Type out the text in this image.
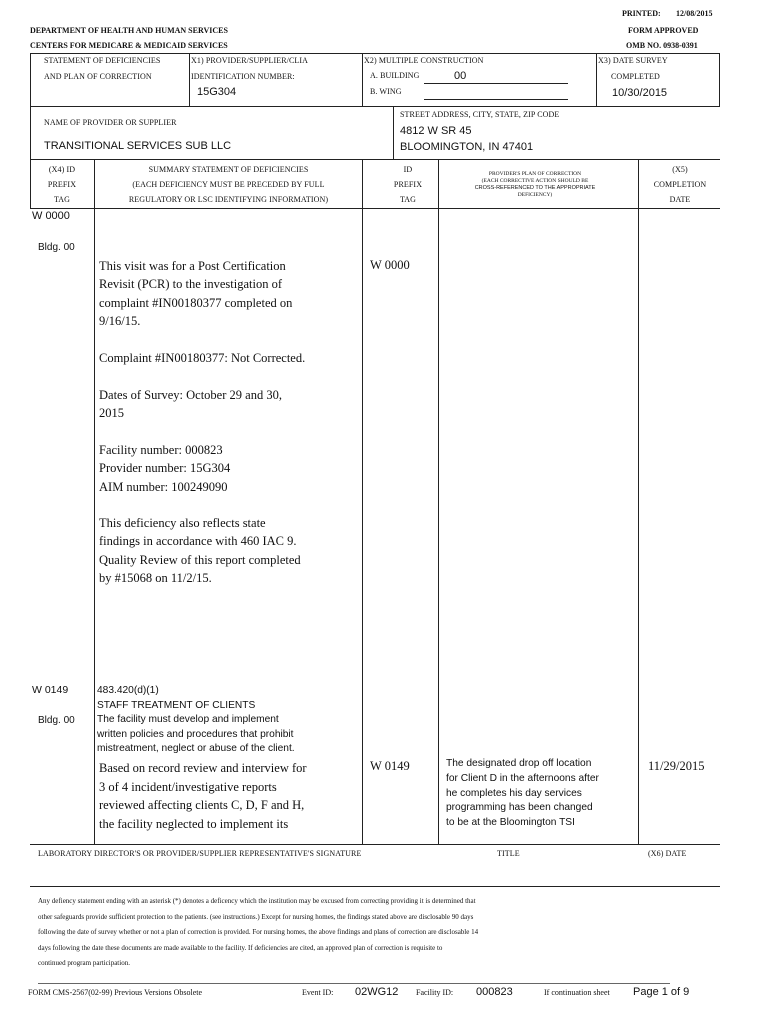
PRINTED: 12/08/2015
DEPARTMENT OF HEALTH AND HUMAN SERVICES	FORM APPROVED
CENTERS FOR MEDICARE & MEDICAID SERVICES	OMB NO. 0938-0391
STATEMENT OF DEFICIENCIES
AND PLAN OF CORRECTION
X1) PROVIDER/SUPPLIER/CLIA
IDENTIFICATION NUMBER:
15G304
X2) MULTIPLE CONSTRUCTION
A. BUILDING	00
B. WING
X3) DATE SURVEY
COMPLETED
10/30/2015
NAME OF PROVIDER OR SUPPLIER
TRANSITIONAL SERVICES SUB LLC
STREET ADDRESS, CITY, STATE, ZIP CODE
4812 W SR 45
BLOOMINGTON, IN 47401
(X4) ID
PREFIX
TAG
SUMMARY STATEMENT OF DEFICIENCIES
(EACH DEFICIENCY MUST BE PRECEDED BY FULL
REGULATORY OR LSC IDENTIFYING INFORMATION)
ID
PREFIX
TAG
PROVIDER'S PLAN OF CORRECTION
(EACH CORRECTIVE ACTION SHOULD BE
CROSS-REFERENCED TO THE APPROPRIATE
DEFICIENCY)
(X5)
COMPLETION
DATE
W 0000
Bldg. 00
This visit was for a Post Certification
Revisit (PCR) to the investigation of
complaint #IN00180377 completed on
9/16/15.
Complaint #IN00180377: Not Corrected.
Dates of Survey: October 29 and 30,
2015
Facility number: 000823
Provider number: 15G304
AIM number: 100249090
This deficiency also reflects state
findings in accordance with 460 IAC 9.
Quality Review of this report completed
by #15068 on 11/2/15.
W 0000
W 0149
Bldg. 00
483.420(d)(1)
STAFF TREATMENT OF CLIENTS
The facility must develop and implement
written policies and procedures that prohibit
mistreatment, neglect or abuse of the client.
Based on record review and interview for
3 of 4 incident/investigative reports
reviewed affecting clients C, D, F and H,
the facility neglected to implement its
W 0149	The designated drop off location
for Client D in the afternoons after
he completes his day services
programming has been changed
to be at the Bloomington TSI
11/29/2015
LABORATORY DIRECTOR'S OR PROVIDER/SUPPLIER REPRESENTATIVE'S SIGNATURE	TITLE	(X6) DATE
Any defiency statement ending with an asterisk (*) denotes a deficency which the institution may be excused from correcting providing it is determined that
other safeguards provide sufficient protection to the patients. (see instructions.) Except for nursing homes, the findings stated above are disclosable 90 days
following the date of survey whether or not a plan of correction is provided. For nursing homes, the above findings and plans of correction are disclosable 14
days following the date these documents are made available to the facility. If deficiencies are cited, an approved plan of correction is requisite to
continued program participation.
FORM CMS-2567(02-99) Previous Versions Obsolete	Event ID: 02WG12 Facility ID: 000823	If continuation sheet Page 1 of 9
